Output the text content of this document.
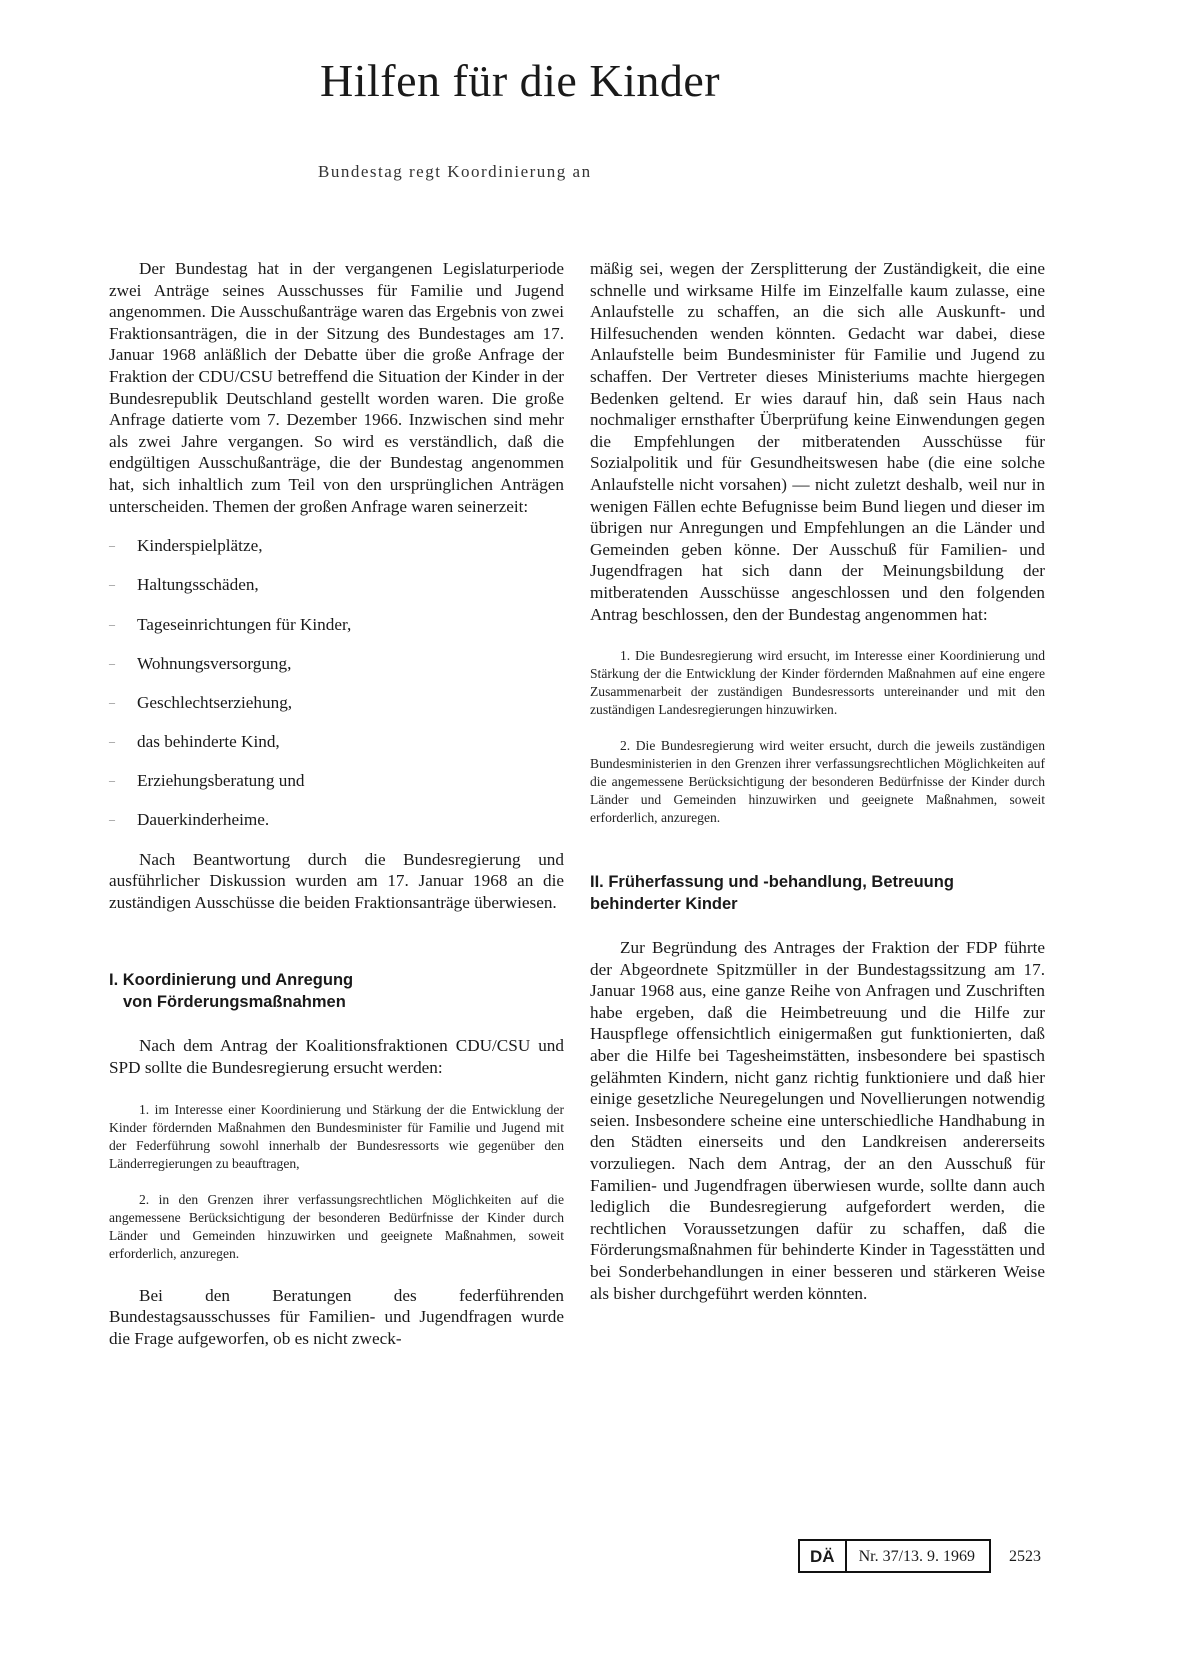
Hilfen für die Kinder
Bundestag regt Koordinierung an

Der Bundestag hat in der vergangenen Legislaturperiode zwei Anträge seines Ausschusses für Familie und Jugend angenommen. Die Ausschußanträge waren das Ergebnis von zwei Fraktionsanträgen, die in der Sitzung des Bundestages am 17. Januar 1968 anläßlich der Debatte über die große Anfrage der Fraktion der CDU/CSU betreffend die Situation der Kinder in der Bundesrepublik Deutschland gestellt worden waren. Die große Anfrage datierte vom 7. Dezember 1966. Inzwischen sind mehr als zwei Jahre vergangen. So wird es verständlich, daß die endgültigen Ausschußanträge, die der Bundestag angenommen hat, sich inhaltlich zum Teil von den ursprünglichen Anträgen unterscheiden. Themen der großen Anfrage waren seinerzeit:

– Kinderspielplätze,
– Haltungsschäden,
– Tageseinrichtungen für Kinder,
– Wohnungsversorgung,
– Geschlechtserziehung,
– das behinderte Kind,
– Erziehungsberatung und
– Dauerkinderheime.

Nach Beantwortung durch die Bundesregierung und ausführlicher Diskussion wurden am 17. Januar 1968 an die zuständigen Ausschüsse die beiden Fraktionsanträge überwiesen.

I. Koordinierung und Anregung
von Förderungsmaßnahmen

Nach dem Antrag der Koalitionsfraktionen CDU/CSU und SPD sollte die Bundesregierung ersucht werden:

1. im Interesse einer Koordinierung und Stärkung der die Entwicklung der Kinder fördernden Maßnahmen den Bundesminister für Familie und Jugend mit der Federführung sowohl innerhalb der Bundesressorts wie gegenüber den Länderregierungen zu beauftragen,

2. in den Grenzen ihrer verfassungsrechtlichen Möglichkeiten auf die angemessene Berücksichtigung der besonderen Bedürfnisse der Kinder durch Länder und Gemeinden hinzuwirken und geeignete Maßnahmen, soweit erforderlich, anzuregen.

Bei den Beratungen des federführenden Bundestagsausschusses für Familien- und Jugendfragen wurde die Frage aufgeworfen, ob es nicht zweck-

mäßig sei, wegen der Zersplitterung der Zuständigkeit, die eine schnelle und wirksame Hilfe im Einzelfalle kaum zulasse, eine Anlaufstelle zu schaffen, an die sich alle Auskunft- und Hilfesuchenden wenden könnten. Gedacht war dabei, diese Anlaufstelle beim Bundesminister für Familie und Jugend zu schaffen. Der Vertreter dieses Ministeriums machte hiergegen Bedenken geltend. Er wies darauf hin, daß sein Haus nach nochmaliger ernsthafter Überprüfung keine Einwendungen gegen die Empfehlungen der mitberatenden Ausschüsse für Sozialpolitik und für Gesundheitswesen habe (die eine solche Anlaufstelle nicht vorsahen) — nicht zuletzt deshalb, weil nur in wenigen Fällen echte Befugnisse beim Bund liegen und dieser im übrigen nur Anregungen und Empfehlungen an die Länder und Gemeinden geben könne. Der Ausschuß für Familien- und Jugendfragen hat sich dann der Meinungsbildung der mitberatenden Ausschüsse angeschlossen und den folgenden Antrag beschlossen, den der Bundestag angenommen hat:

1. Die Bundesregierung wird ersucht, im Interesse einer Koordinierung und Stärkung der die Entwicklung der Kinder fördernden Maßnahmen auf eine engere Zusammenarbeit der zuständigen Bundesressorts untereinander und mit den zuständigen Landesregierungen hinzuwirken.

2. Die Bundesregierung wird weiter ersucht, durch die jeweils zuständigen Bundesministerien in den Grenzen ihrer verfassungsrechtlichen Möglichkeiten auf die angemessene Berücksichtigung der besonderen Bedürfnisse der Kinder durch Länder und Gemeinden hinzuwirken und geeignete Maßnahmen, soweit erforderlich, anzuregen.

II. Früherfassung und -behandlung, Betreuung
behinderter Kinder

Zur Begründung des Antrages der Fraktion der FDP führte der Abgeordnete Spitzmüller in der Bundestagssitzung am 17. Januar 1968 aus, eine ganze Reihe von Anfragen und Zuschriften habe ergeben, daß die Heimbetreuung und die Hilfe zur Hauspflege offensichtlich einigermaßen gut funktionierten, daß aber die Hilfe bei Tagesheimstätten, insbesondere bei spastisch gelähmten Kindern, nicht ganz richtig funktioniere und daß hier einige gesetzliche Neuregelungen und Novellierungen notwendig seien. Insbesondere scheine eine unterschiedliche Handhabung in den Städten einerseits und den Landkreisen andererseits vorzuliegen. Nach dem Antrag, der an den Ausschuß für Familien- und Jugendfragen überwiesen wurde, sollte dann auch lediglich die Bundesregierung aufgefordert werden, die rechtlichen Voraussetzungen dafür zu schaffen, daß die Förderungsmaßnahmen für behinderte Kinder in Tagesstätten und bei Sonderbehandlungen in einer besseren und stärkeren Weise als bisher durchgeführt werden könnten.

DÄ	Nr. 37/13. 9. 1969	2523
